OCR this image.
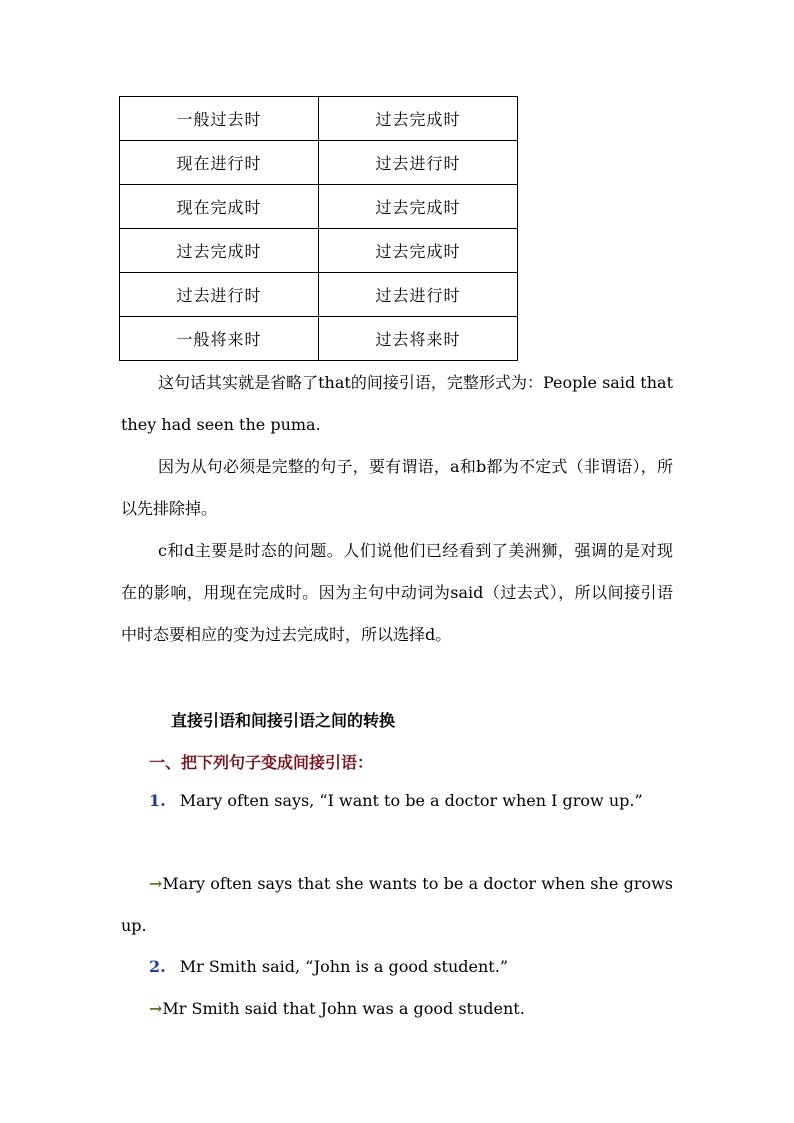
一般过去时	过去完成时
现在进行时	过去进行时
现在完成时	过去完成时
过去完成时	过去完成时
过去进行时	过去进行时
一般将来时	过去将来时

这句话其实就是省略了that的间接引语，完整形式为：People said that they had seen the puma.

因为从句必须是完整的句子，要有谓语，a和b都为不定式（非谓语），所以先排除掉。

c和d主要是时态的问题。人们说他们已经看到了美洲狮，强调的是对现在的影响，用现在完成时。因为主句中动词为said（过去式），所以间接引语中时态要相应的变为过去完成时，所以选择d。

直接引语和间接引语之间的转换

一、把下列句子变成间接引语：

1. Mary often says, “I want to be a doctor when I grow up.”

→Mary often says that she wants to be a doctor when she grows up.

2. Mr Smith said, “John is a good student.”

→Mr Smith said that John was a good student.
